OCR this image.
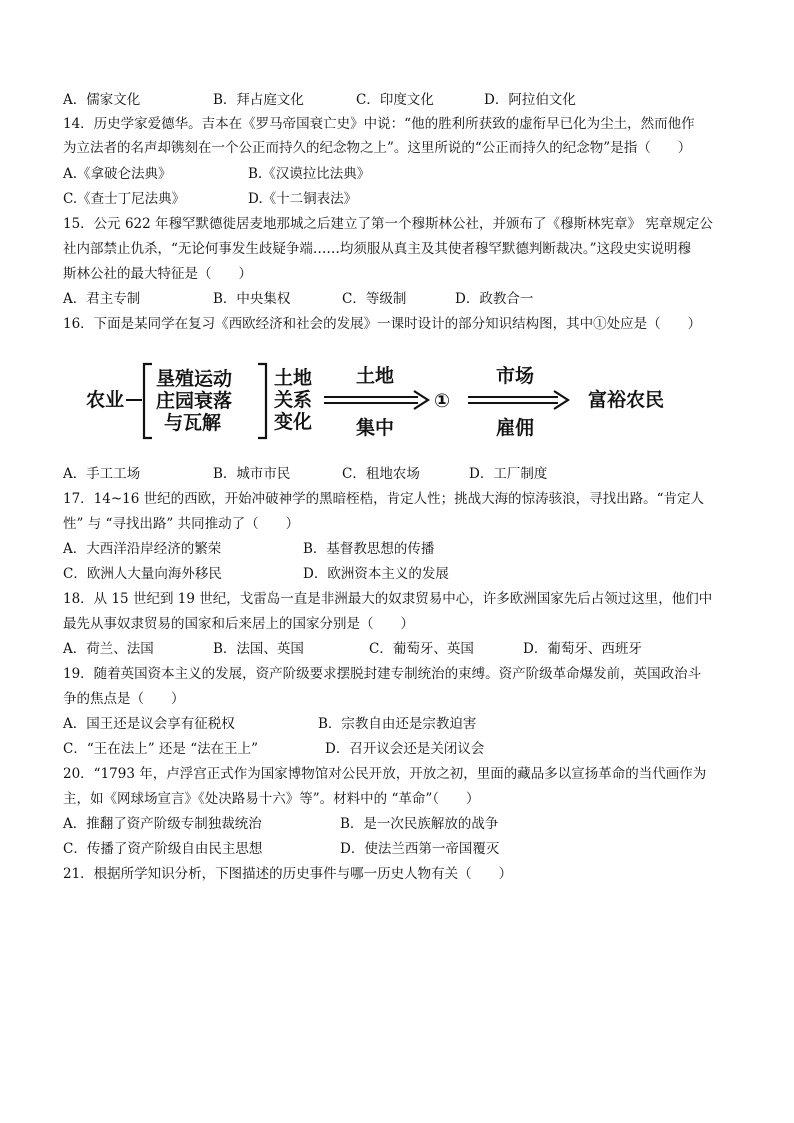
A．儒家文化	B．拜占庭文化	C．印度文化	D．阿拉伯文化
14．历史学家爱德华。吉本在《罗马帝国衰亡史》中说：“他的胜利所获致的虚衔早已化为尘土，然而他作
为立法者的名声却镌刻在一个公正而持久的纪念物之上”。这里所说的“公正而持久的纪念物”是指（　　）
A.《拿破仑法典》	B.《汉谟拉比法典》
C.《查士丁尼法典》	D.《十二铜表法》
15．公元 622 年穆罕默德徙居麦地那城之后建立了第一个穆斯林公社，并颁布了《穆斯林宪章》 宪章规定公
社内部禁止仇杀，“无论何事发生歧疑争端……均须服从真主及其使者穆罕默德判断裁决。”这段史实说明穆
斯林公社的最大特征是（　　）
A．君主专制	B．中央集权	C．等级制	D．政教合一
16．下面是某同学在复习《西欧经济和社会的发展》一课时设计的部分知识结构图，其中①处应是（　　）
农业
垦殖运动
庄园衰落
与瓦解
土地
关系
变化
土地
集中
①
市场
雇佣
富裕农民
A．手工工场	B．城市市民	C．租地农场	D．工厂制度
17．14~16 世纪的西欧，开始冲破神学的黑暗桎梏，肯定人性；挑战大海的惊涛骇浪，寻找出路。“肯定人
性” 与 “寻找出路” 共同推动了（　　）
A．大西洋沿岸经济的繁荣	B．基督教思想的传播
C．欧洲人大量向海外移民	D．欧洲资本主义的发展
18．从 15 世纪到 19 世纪，戈雷岛一直是非洲最大的奴隶贸易中心，许多欧洲国家先后占领过这里，他们中
最先从事奴隶贸易的国家和后来居上的国家分别是（　　）
A．荷兰、法国	B．法国、英国	C．葡萄牙、英国	D．葡萄牙、西班牙
19．随着英国资本主义的发展，资产阶级要求摆脱封建专制统治的束缚。资产阶级革命爆发前，英国政治斗
争的焦点是（　　）
A．国王还是议会享有征税权	B．宗教自由还是宗教迫害
C．“王在法上” 还是 “法在王上”	D．召开议会还是关闭议会
20．“1793 年，卢浮宫正式作为国家博物馆对公民开放，开放之初，里面的藏品多以宣扬革命的当代画作为
主，如《网球场宣言》《处决路易十六》等”。材料中的 “革命”（　　）
A．推翻了资产阶级专制独裁统治	B．是一次民族解放的战争
C．传播了资产阶级自由民主思想	D．使法兰西第一帝国覆灭
21．根据所学知识分析，下图描述的历史事件与哪一历史人物有关（　　）
